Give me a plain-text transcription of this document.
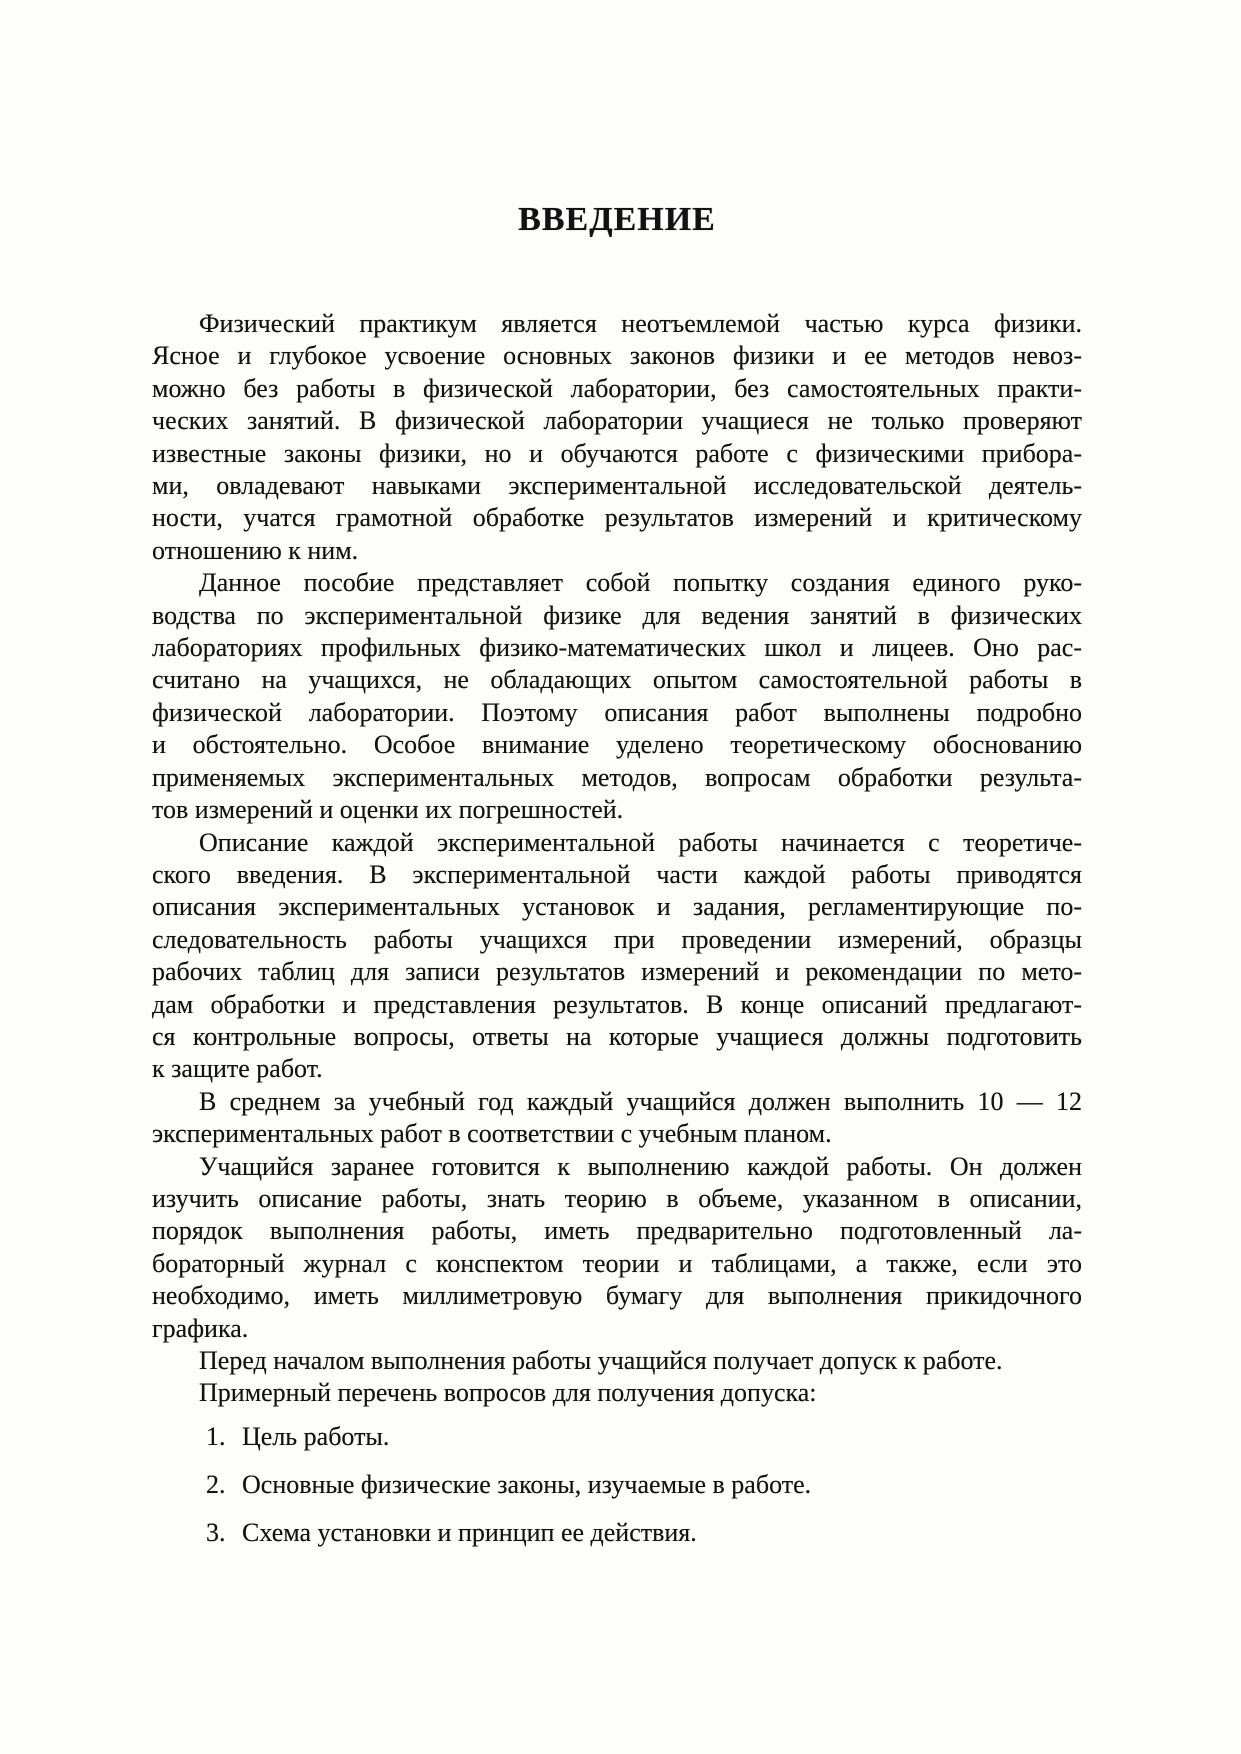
ВВЕДЕНИЕ
Физический практикум является неотъемлемой частью курса физики.
Ясное и глубокое усвоение основных законов физики и ее методов невоз-
можно без работы в физической лаборатории, без самостоятельных практи-
ческих занятий. В физической лаборатории учащиеся не только проверяют
известные законы физики, но и обучаются работе с физическими прибора-
ми, овладевают навыками экспериментальной исследовательской деятель-
ности, учатся грамотной обработке результатов измерений и критическому
отношению к ним.
Данное пособие представляет собой попытку создания единого руко-
водства по экспериментальной физике для ведения занятий в физических
лабораториях профильных физико-математических школ и лицеев. Оно рас-
считано на учащихся, не обладающих опытом самостоятельной работы в
физической лаборатории. Поэтому описания работ выполнены подробно
и обстоятельно. Особое внимание уделено теоретическому обоснованию
применяемых экспериментальных методов, вопросам обработки результа-
тов измерений и оценки их погрешностей.
Описание каждой экспериментальной работы начинается с теоретиче-
ского введения. В экспериментальной части каждой работы приводятся
описания экспериментальных установок и задания, регламентирующие по-
следовательность работы учащихся при проведении измерений, образцы
рабочих таблиц для записи результатов измерений и рекомендации по мето-
дам обработки и представления результатов. В конце описаний предлагают-
ся контрольные вопросы, ответы на которые учащиеся должны подготовить
к защите работ.
В среднем за учебный год каждый учащийся должен выполнить 10 — 12
экспериментальных работ в соответствии с учебным планом.
Учащийся заранее готовится к выполнению каждой работы. Он должен
изучить описание работы, знать теорию в объеме, указанном в описании,
порядок выполнения работы, иметь предварительно подготовленный ла-
бораторный журнал с конспектом теории и таблицами, а также, если это
необходимо, иметь миллиметровую бумагу для выполнения прикидочного
графика.
Перед началом выполнения работы учащийся получает допуск к работе.
Примерный перечень вопросов для получения допуска:
1. Цель работы.
2. Основные физические законы, изучаемые в работе.
3. Схема установки и принцип ее действия.
